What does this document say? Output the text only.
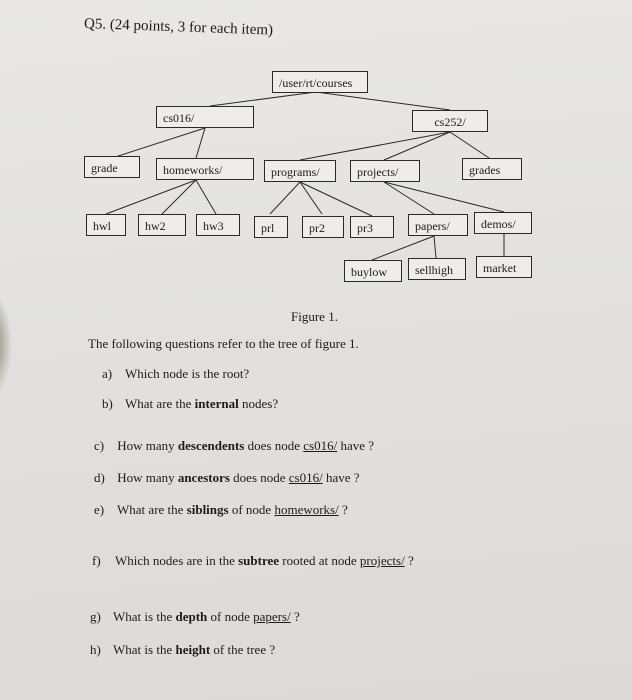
Q5. (24 points, 3 for each item)
/user/rt/courses
cs016/	cs252/
grade	homeworks/	programs/	projects/	grades
hwl	hw2	hw3	prl	pr2	pr3	papers/	demos/
buylow	sellhigh	market
Figure 1.
The following questions refer to the tree of figure 1.
a) Which node is the root?
b) What are the internal nodes?
c) How many descendents does node cs016/ have ?
d) How many ancestors does node cs016/ have ?
e) What are the siblings of node homeworks/ ?
f) Which nodes are in the subtree rooted at node projects/ ?
g) What is the depth of node papers/ ?
h) What is the height of the tree ?
